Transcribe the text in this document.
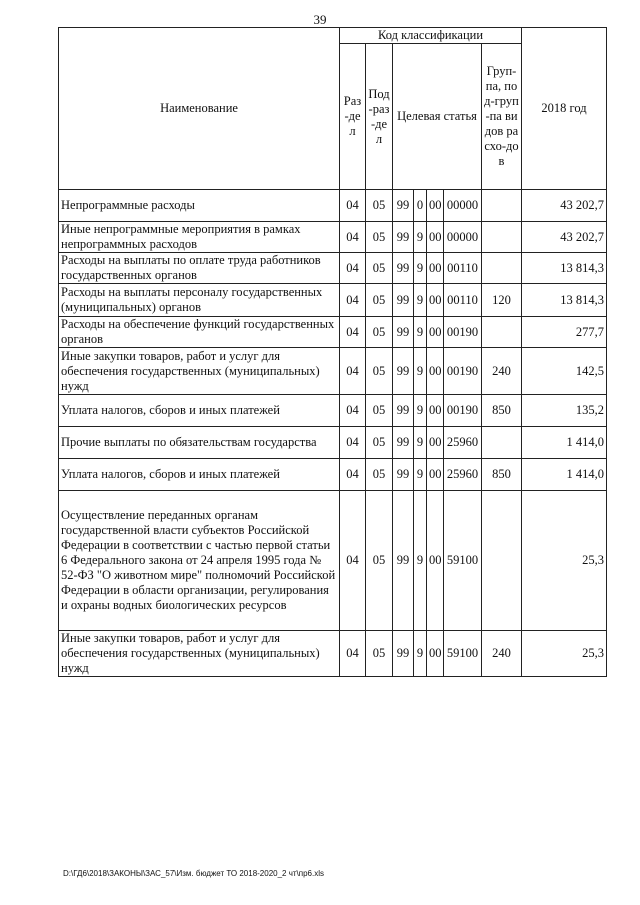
39
Наименование	Код классификации							2018 год
	Раз-дел	Под-раз-дел	Целевая статья				Груп-па, под-груп-па видов расхо-дов	
Непрограммные расходы	04	05	99	0	00	00000		43 202,7
Иные непрограммные мероприятия в рамках непрограммных расходов	04	05	99	9	00	00000		43 202,7
Расходы на выплаты по оплате труда работников государственных органов	04	05	99	9	00	00110		13 814,3
Расходы на выплаты персоналу государственных (муниципальных) органов	04	05	99	9	00	00110	120	13 814,3
Расходы на обеспечение функций государственных органов	04	05	99	9	00	00190		277,7
Иные закупки товаров, работ и услуг для обеспечения государственных (муниципальных) нужд	04	05	99	9	00	00190	240	142,5
Уплата налогов, сборов и иных платежей	04	05	99	9	00	00190	850	135,2
Прочие выплаты по обязательствам государства	04	05	99	9	00	25960		1 414,0
Уплата налогов, сборов и иных платежей	04	05	99	9	00	25960	850	1 414,0
Осуществление переданных органам государственной власти субъектов Российской Федерации в соответствии с частью первой статьи 6 Федерального закона от 24 апреля 1995 года № 52-ФЗ "О животном мире" полномочий Российской Федерации в области организации, регулирования и охраны водных биологических ресурсов	04	05	99	9	00	59100		25,3
Иные закупки товаров, работ и услуг для обеспечения государственных (муниципальных) нужд	04	05	99	9	00	59100	240	25,3
D:\ГД6\2018\ЗАКОНЫ\ЗАС_57\Изм. бюджет ТО 2018-2020_2 чт\пр6.xls
